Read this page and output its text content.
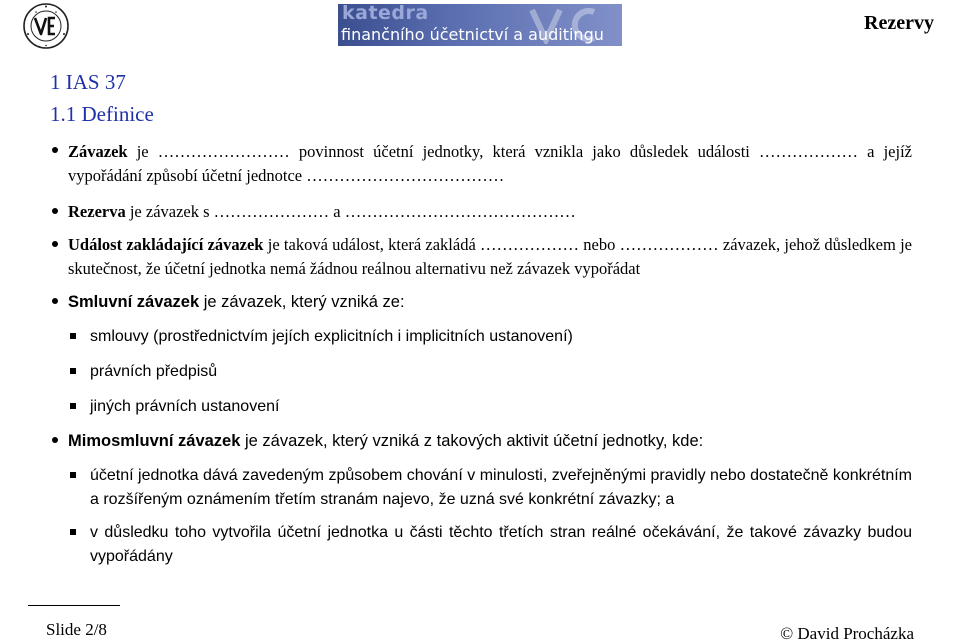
katedra
finančního účetnictví a auditingu
Rezervy
1 IAS 37
1.1 Definice
Závazek je …………………… povinnost účetní jednotky, která vznikla jako důsledek události ……………… a jejíž vypořádání způsobí účetní jednotce ………………………………
Rezerva je závazek s ………………… a ……………………………………
Událost zakládající závazek je taková událost, která zakládá ……………… nebo ……………… závazek, jehož důsledkem je skutečnost, že účetní jednotka nemá žádnou reálnou alternativu než závazek vypořádat
Smluvní závazek je závazek, který vzniká ze:
smlouvy (prostřednictvím jejích explicitních i implicitních ustanovení)
právních předpisů
jiných právních ustanovení
Mimosmluvní závazek je závazek, který vzniká z takových aktivit účetní jednotky, kde:
účetní jednotka dává zavedeným způsobem chování v minulosti, zveřejněnými pravidly nebo dostatečně konkrétním a rozšířeným oznámením třetím stranám najevo, že uzná své konkrétní závazky; a
v důsledku toho vytvořila účetní jednotka u části těchto třetích stran reálné očekávání, že takové závazky budou vypořádány
Slide 2/8	© David Procházka
